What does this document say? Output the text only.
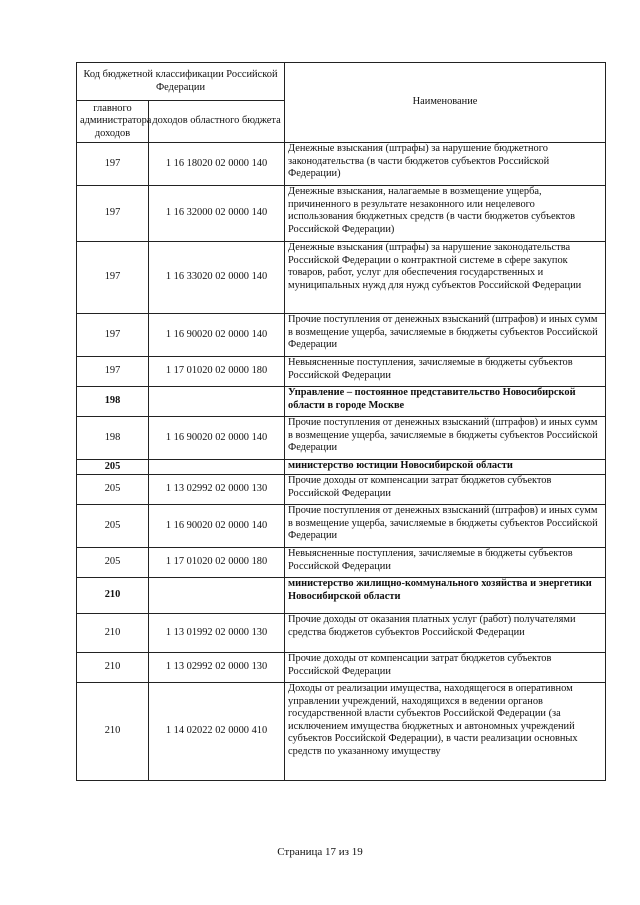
Код бюджетной классификации Российской Федерации		Наименование
главного администратора доходов	доходов областного бюджета	
197	1 16 18020 02 0000 140	Денежные взыскания (штрафы) за нарушение бюджетного законодательства (в части бюджетов субъектов Российской Федерации)
197	1 16 32000 02 0000 140	Денежные взыскания, налагаемые в возмещение ущерба, причиненного в результате незаконного или нецелевого использования бюджетных средств (в части бюджетов субъектов Российской Федерации)
197	1 16 33020 02 0000 140	Денежные взыскания (штрафы) за нарушение законодательства Российской Федерации о контрактной системе в сфере закупок товаров, работ, услуг для обеспечения государственных и муниципальных нужд для нужд субъектов Российской Федерации
197	1 16 90020 02 0000 140	Прочие поступления от денежных взысканий (штрафов) и иных сумм в возмещение ущерба, зачисляемые в бюджеты субъектов Российской Федерации
197	1 17 01020 02 0000 180	Невыясненные поступления, зачисляемые в бюджеты субъектов Российской Федерации
198		Управление – постоянное представительство Новосибирской области в городе Москве
198	1 16 90020 02 0000 140	Прочие поступления от денежных взысканий (штрафов) и иных сумм в возмещение ущерба, зачисляемые в бюджеты субъектов Российской Федерации
205		министерство юстиции Новосибирской области
205	1 13 02992 02 0000 130	Прочие доходы от компенсации затрат бюджетов субъектов Российской Федерации
205	1 16 90020 02 0000 140	Прочие поступления от денежных взысканий (штрафов) и иных сумм в возмещение ущерба, зачисляемые в бюджеты субъектов Российской Федерации
205	1 17 01020 02 0000 180	Невыясненные поступления, зачисляемые в бюджеты субъектов Российской Федерации
210		министерство жилищно-коммунального хозяйства и энергетики Новосибирской области
210	1 13 01992 02 0000 130	Прочие доходы от оказания платных услуг (работ) получателями средства бюджетов субъектов Российской Федерации
210	1 13 02992 02 0000 130	Прочие доходы от компенсации затрат бюджетов субъектов Российской Федерации
210	1 14 02022 02 0000 410	Доходы от реализации имущества, находящегося в оперативном управлении учреждений, находящихся в ведении органов государственной власти субъектов Российской Федерации (за исключением имущества бюджетных и автономных учреждений субъектов Российской Федерации), в части реализации основных средств по указанному имуществу
Страница 17 из 19
